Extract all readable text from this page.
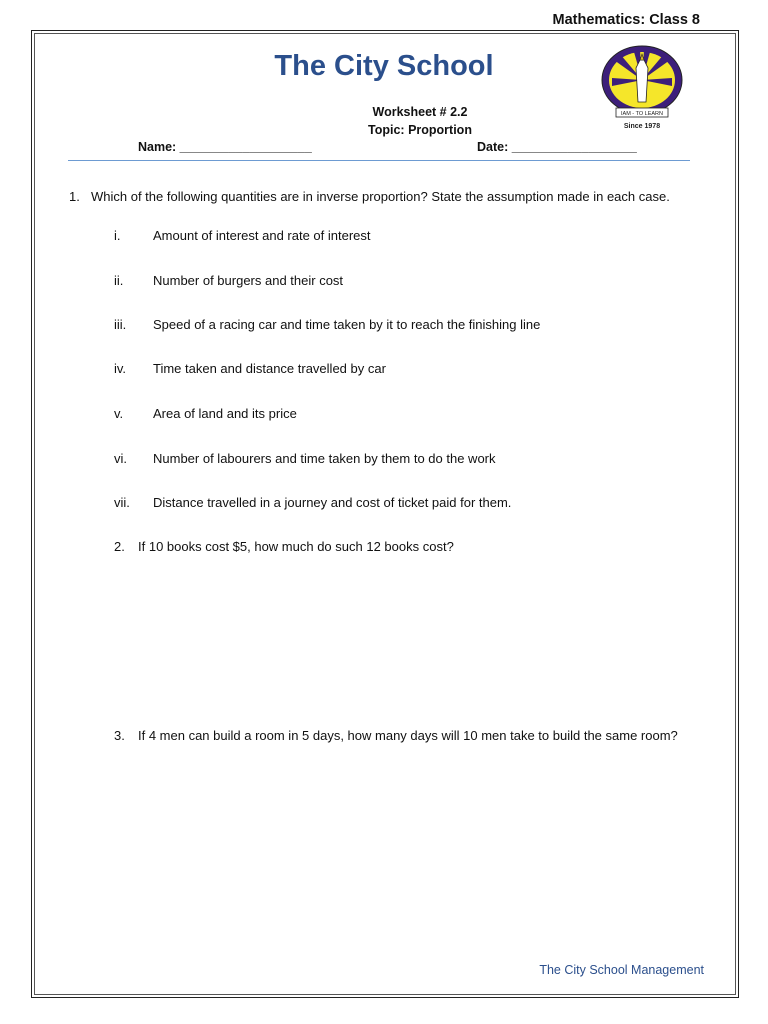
Mathematics: Class 8
The City School
IAM - TO LEARN
Since 1978
Worksheet # 2.2
Topic: Proportion
Name: ___________________	Date: __________________
1. Which of the following quantities are in inverse proportion? State the assumption made in each case.
i.	Amount of interest and rate of interest
ii. Number of burgers and their cost
iii. Speed of a racing car and time taken by it to reach the finishing line
iv. Time taken and distance travelled by car
v. Area of land and its price
vi. Number of labourers and time taken by them to do the work
vii. Distance travelled in a journey and cost of ticket paid for them.
2. If 10 books cost $5, how much do such 12 books cost?
3. If 4 men can build a room in 5 days, how many days will 10 men take to build the same room?
The City School Management
